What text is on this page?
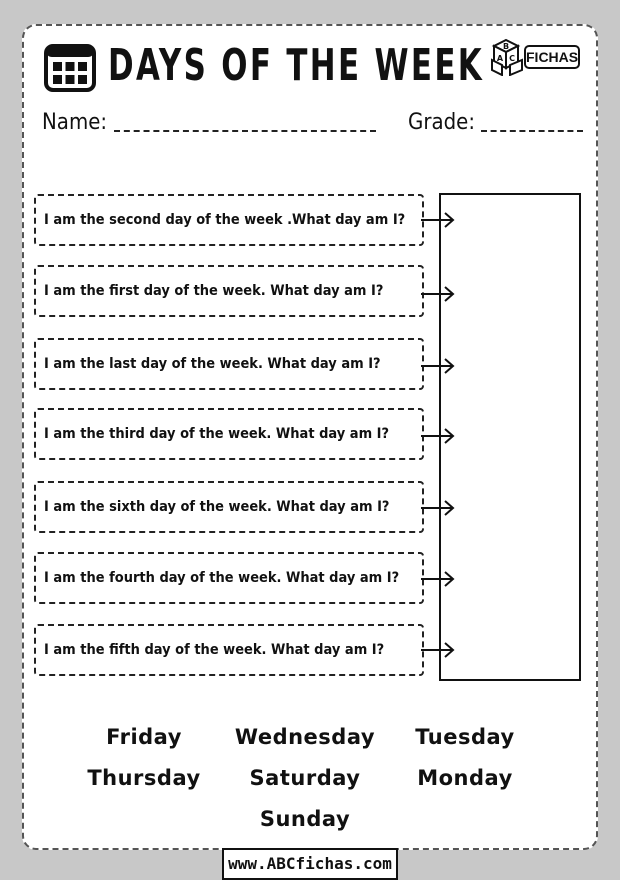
DAYS OF THE WEEK B
A C FICHAS
Name:	Grade:
I am the second day of the week .What day am I?
I am the first day of the week. What day am I?
I am the last day of the week. What day am I?
I am the third day of the week. What day am I?
I am the sixth day of the week. What day am I?
I am the fourth day of the week. What day am I?
I am the fifth day of the week. What day am I?
Friday	Wednesday	Tuesday
Thursday	Saturday	Monday
Sunday
www.ABCfichas.com
